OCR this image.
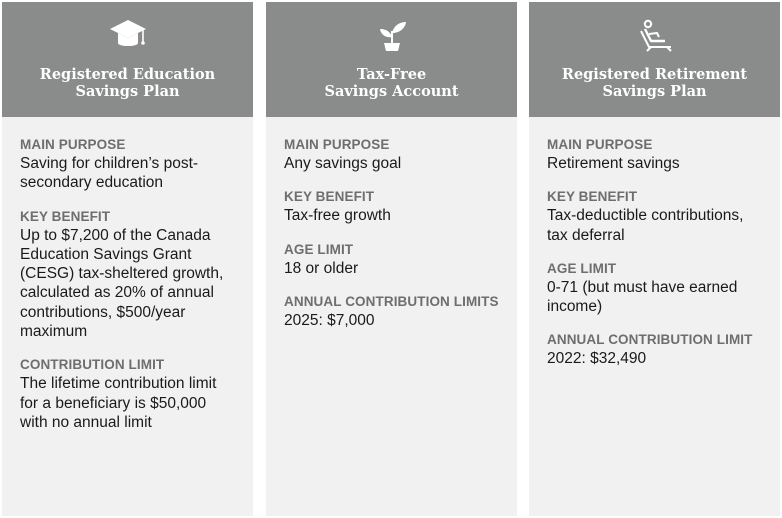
Registered Education
Savings Plan
MAIN PURPOSE
Saving for children’s post-
secondary education
KEY BENEFIT
Up to $7,200 of the Canada
Education Savings Grant
(CESG) tax-sheltered growth,
calculated as 20% of annual
contributions, $500/year
maximum
CONTRIBUTION LIMIT
The lifetime contribution limit
for a beneficiary is $50,000
with no annual limit
Tax-Free
Savings Account
MAIN PURPOSE
Any savings goal
KEY BENEFIT
Tax-free growth
AGE LIMIT
18 or older
ANNUAL CONTRIBUTION LIMITS
2025: $7,000
Registered Retirement
Savings Plan
MAIN PURPOSE
Retirement savings
KEY BENEFIT
Tax-deductible contributions,
tax deferral
AGE LIMIT
0-71 (but must have earned
income)
ANNUAL CONTRIBUTION LIMIT
2022: $32,490
